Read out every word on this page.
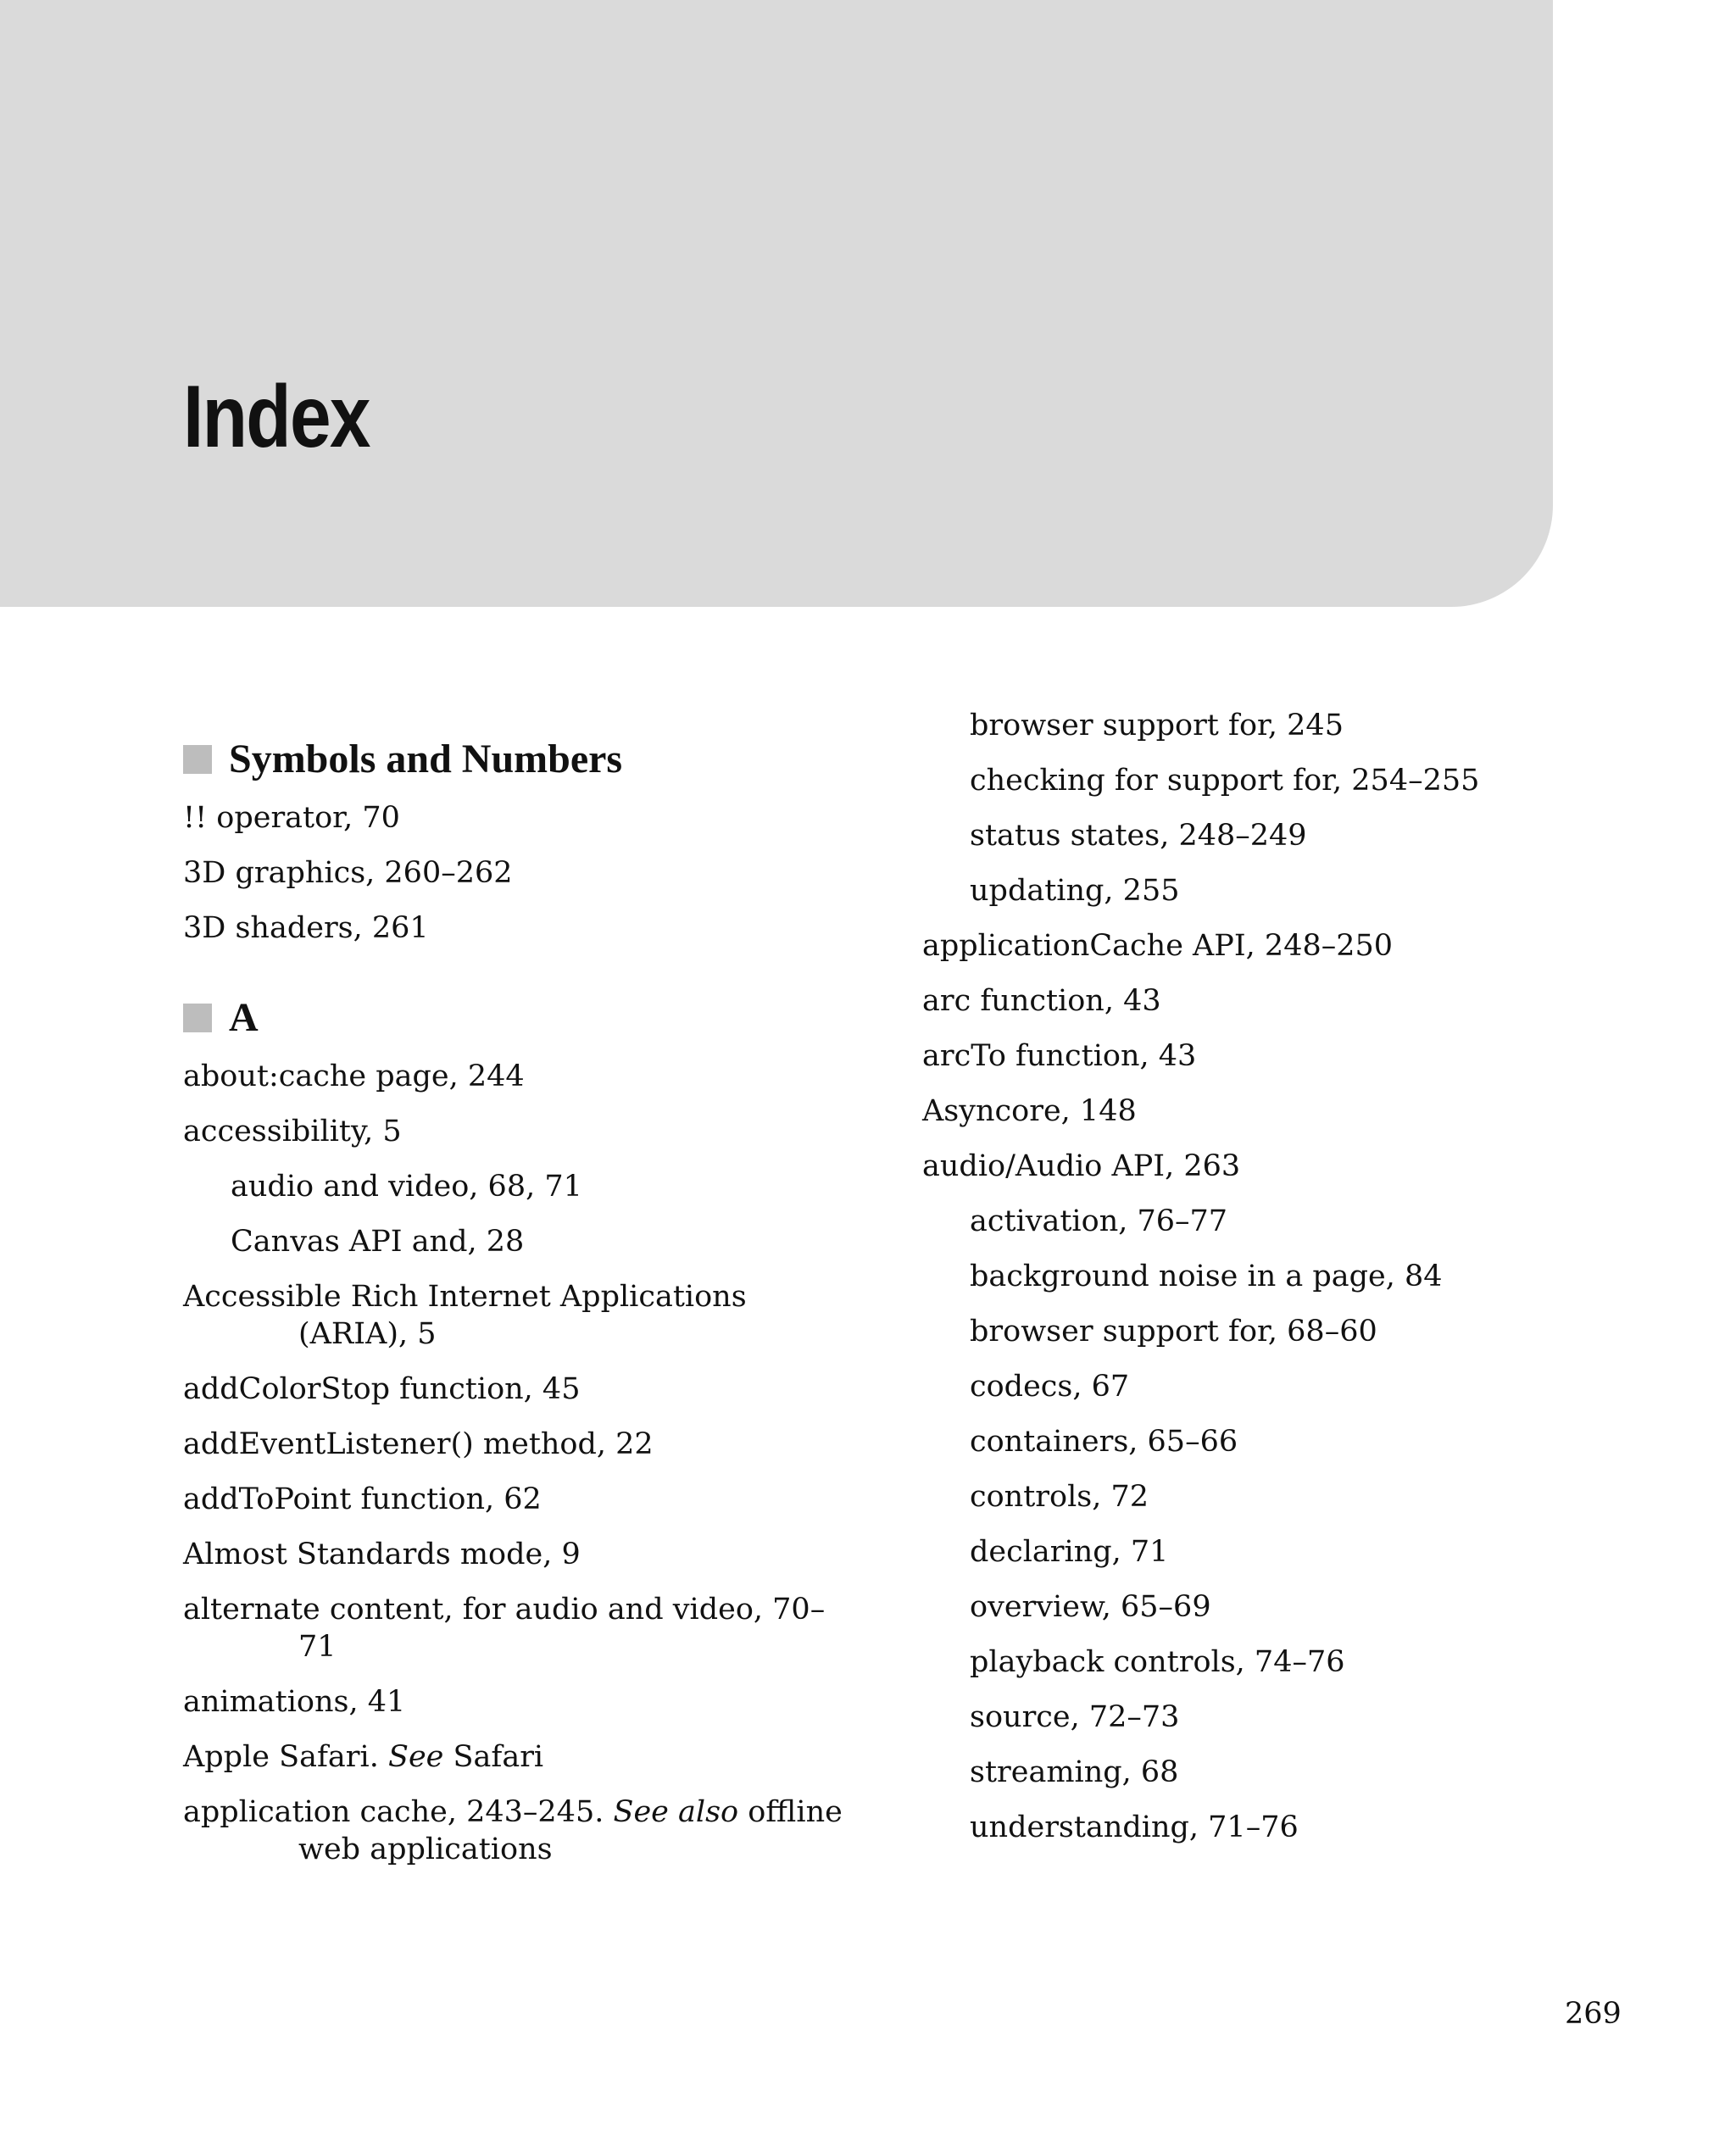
Index
Symbols and Numbers
!! operator, 70
3D graphics, 260–262
3D shaders, 261
A
about:cache page, 244
accessibility, 5
audio and video, 68, 71
Canvas API and, 28
Accessible Rich Internet Applications
(ARIA), 5
addColorStop function, 45
addEventListener() method, 22
addToPoint function, 62
Almost Standards mode, 9
alternate content, for audio and video, 70–
71
animations, 41
Apple Safari. See Safari
application cache, 243–245. See also offline
web applications
browser support for, 245
checking for support for, 254–255
status states, 248–249
updating, 255
applicationCache API, 248–250
arc function, 43
arcTo function, 43
Asyncore, 148
audio/Audio API, 263
activation, 76–77
background noise in a page, 84
browser support for, 68–60
codecs, 67
containers, 65–66
controls, 72
declaring, 71
overview, 65–69
playback controls, 74–76
source, 72–73
streaming, 68
understanding, 71–76
269
